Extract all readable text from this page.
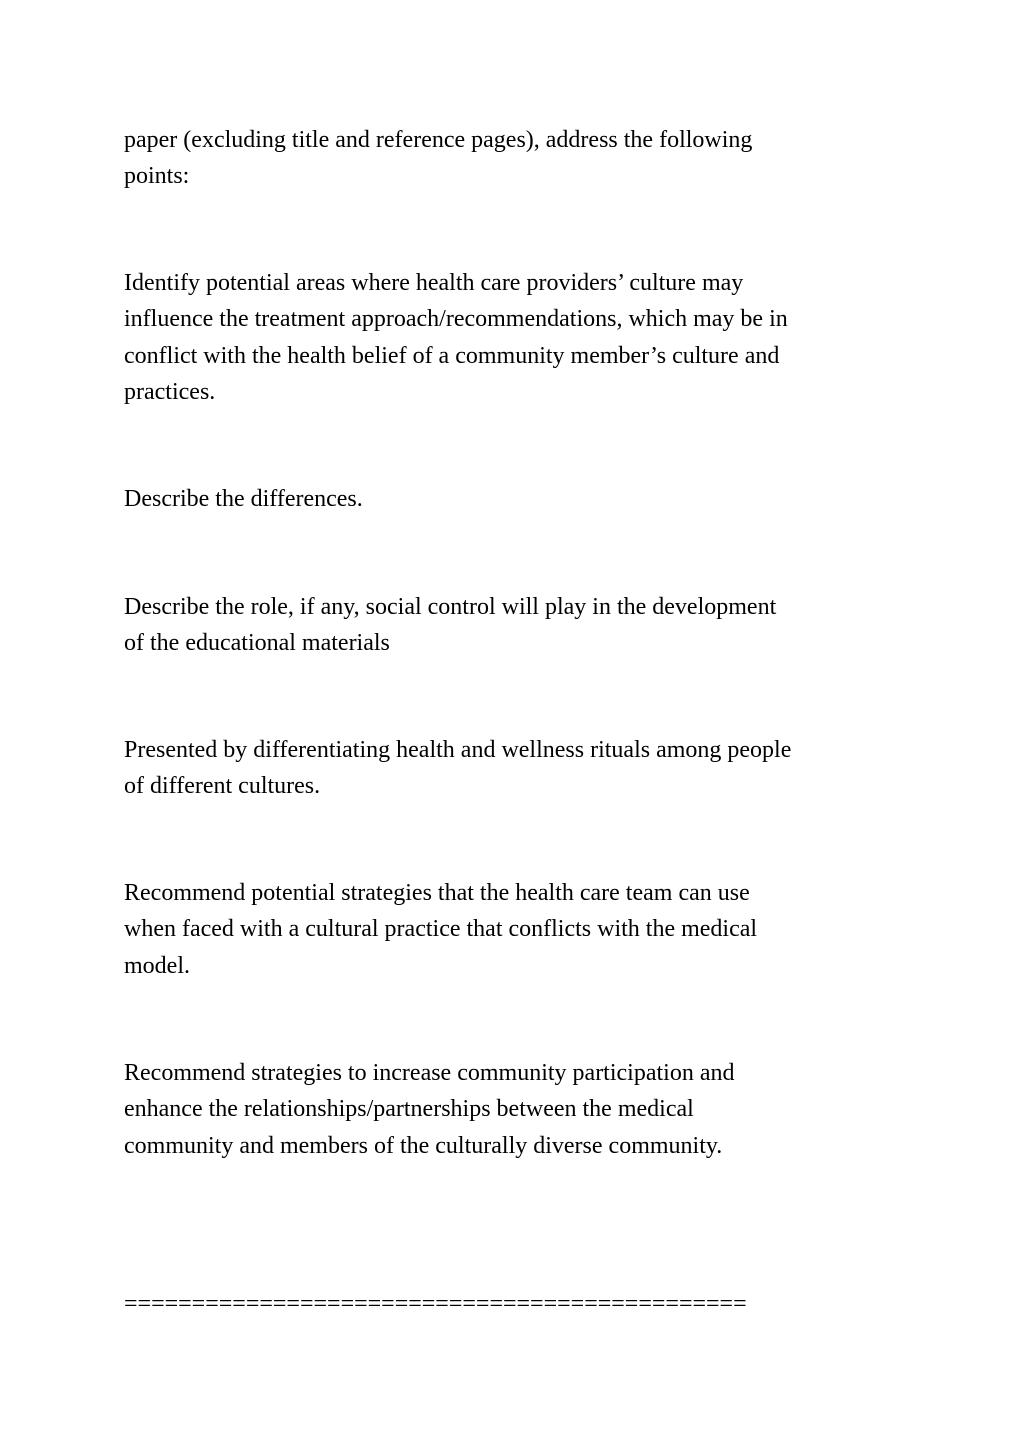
paper (excluding title and reference pages), address the following
points:

Identify potential areas where health care providers’ culture may
influence the treatment approach/recommendations, which may be in
conflict with the health belief of a community member’s culture and
practices.

Describe the differences.

Describe the role, if any, social control will play in the development
of the educational materials

Presented by differentiating health and wellness rituals among people
of different cultures.

Recommend potential strategies that the health care team can use
when faced with a cultural practice that conflicts with the medical
model.

Recommend strategies to increase community participation and
enhance the relationships/partnerships between the medical
community and members of the culturally diverse community.

==============================================
